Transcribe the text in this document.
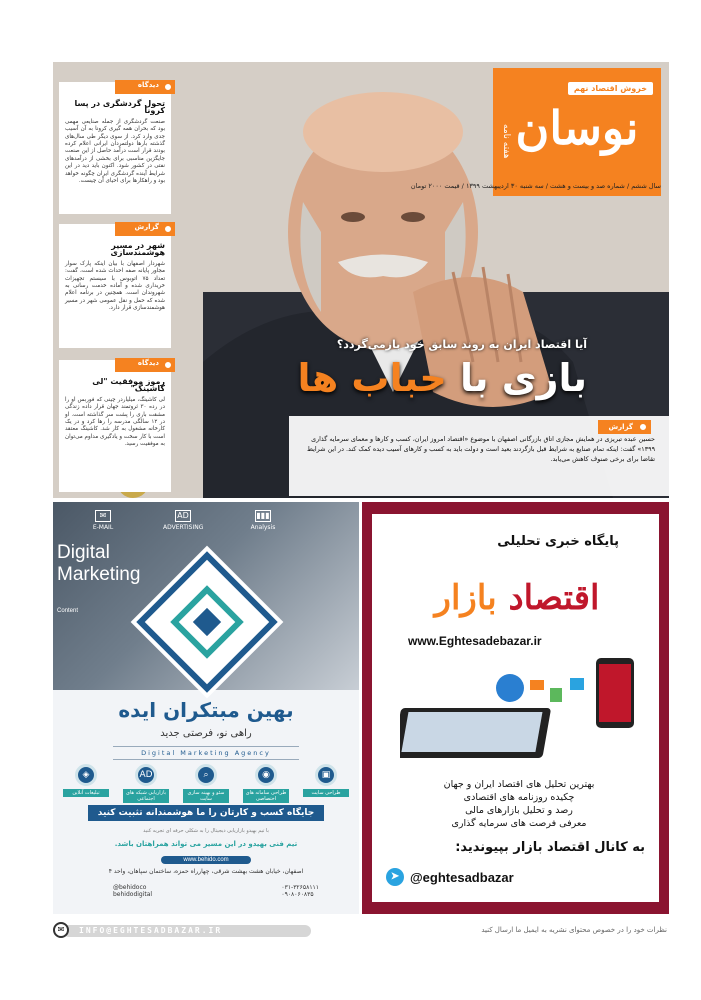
خروش اقتصاد نهم
نوسان
هفته نامه
سال ششم / شماره صد و بیست و هشت / سه شنبه ۳۰ اردیبهشت ۱۳۹۹ / قیمت ۲۰۰۰ تومان
دیدگاه
تحول گردشگری در پسا کرونا
صنعت گردشگری از جمله صنایعی مهمی بود که بحران همه گیری کرونا به آن آسیب جدی وارد کرد. از سوی دیگر طی سال‌های گذشته بارها دولتمردان ایرانی اعلام کرده بودند قرار است درآمد حاصل از این صنعت جایگزین مناسبی برای بخشی از درآمدهای نفتی در کشور شود. اکنون باید دید در این شرایط آینده گردشگری ایران چگونه خواهد بود و راهکارها برای احیای آن چیست.
گزارش
شهر در مسیر هوشمندسازی
شهردار اصفهان با بیان اینکه پارک سوار مجاور پایانه صفه احداث شده است، گفت: تعداد ۷۵ اتوبوس با سیستم تجهیزات خریداری شده و آماده خدمت رسانی به شهروندان است. همچنین در برنامه اعلام شده که حمل و نقل عمومی شهر در مسیر هوشمندسازی قرار دارد.
دیدگاه
رموز موفقیت "لی کاشینگ"
لی کاشینگ، میلیاردر چینی که فوربس او را در رده ۳۰ ثروتمند جهان قرار داده زندگی مشقت باری را پشت سر گذاشته است. او در ۱۲ سالگی مدرسه را رها کرد و در یک کارخانه مشغول به کار شد. کاشینگ معتقد است با کار سخت و یادگیری مداوم می‌توان به موفقیت رسید.
آیا اقتصاد ایران به روند سابق خود بازمی‌گردد؟
بازی با حباب ها
گزارش
حسین عبده تبریزی در همایش مجازی اتاق بازرگانی اصفهان با موضوع «اقتصاد امروز ایران، کسب و کارها و معمای سرمایه گذاری ۱۳۹۹» گفت: اینکه تمام صنایع به شرایط قبل بازگردند بعید است و دولت باید به کسب و کارهای آسیب دیده کمک کند. در این شرایط تقاضا برای برخی صنوف کاهش می‌یابد.
✉
E-MAIL
AD
ADVERTISING
▮▮▮
Analysis
Digital
Marketing
Content
بهین مبتکران ایده
راهی نو، فرصتی جدید
Digital Marketing Agency
▣
طراحی سایت
◉
طراحی سامانه های اختصاصی
⌕
سئو و بهینه سازی سایت
AD
بازاریابی شبکه های اجتماعی
◈
تبلیغات آنلاین
جایگاه کسب و کارتان را ما هوشمندانه تثبیت کنید
با تیم بهیدو بازاریابی دیجیتال را به شکلی حرفه ای تجربه کنید
تیم فنی بهیدو در این مسیر می تواند همراهتان باشد.
www.behido.com
اصفهان، خیابان هشت بهشت شرقی، چهارراه حمزه، ساختمان سپاهان، واحد ۴
@behidoco
behidodigital
۰۳۱-۳۲۶۵۸۱۱۱
۰۹۰۸۰۶۰۸۳۵
پایگاه خبری تحلیلی
اقتصاد بازار
www.Eghtesadebazar.ir
بهترین تحلیل های اقتصاد ایران و جهان
چکیده روزنامه های اقتصادی
رصد و تحلیل بازارهای مالی
معرفی فرصت های سرمایه گذاری
به کانال اقتصاد بازار بپیوندید:
➤ @eghtesadbazar
✉	INFO@EGHTESADBAZAR.IR	نظرات خود را در خصوص محتوای نشریه به ایمیل ما ارسال کنید
